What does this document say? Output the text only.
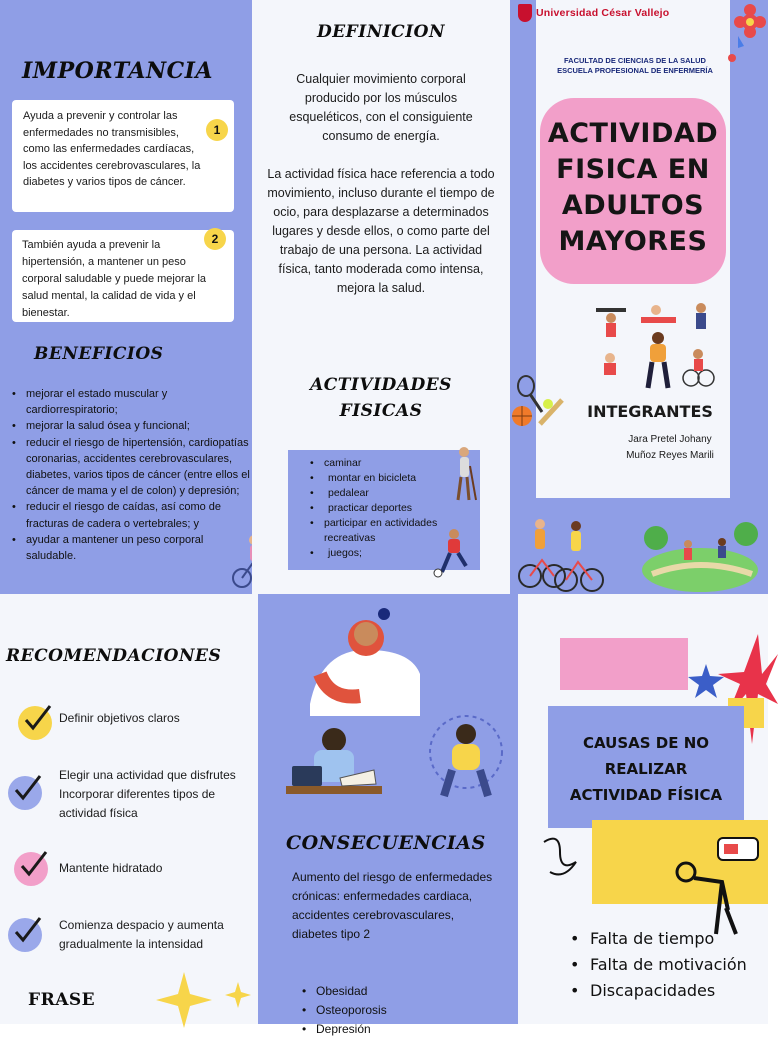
IMPORTANCIA

Ayuda a prevenir y controlar las enfermedades no transmisibles, como las enfermedades cardíacas, los accidentes cerebrovasculares, la diabetes y varios tipos de cáncer.

1

También ayuda a prevenir la hipertensión, a mantener un peso corporal saludable y puede mejorar la salud mental, la calidad de vida y el bienestar.

2
BENEFICIOS
• mejorar el estado muscular y cardiorrespiratorio;
• mejorar la salud ósea y funcional;
• reducir el riesgo de hipertensión, cardiopatías coronarias, accidentes cerebrovasculares, diabetes, varios tipos de cáncer (entre ellos el cáncer de mama y el de colon) y depresión;
• reducir el riesgo de caídas, así como de fracturas de cadera o vertebrales; y
• ayudar a mantener un peso corporal saludable.
DEFINICION

Cualquier movimiento corporal producido por los músculos esqueléticos, con el consiguiente consumo de energía.

La actividad física hace referencia a todo movimiento, incluso durante el tiempo de ocio, para desplazarse a determinados lugares y desde ellos, o como parte del trabajo de una persona. La actividad física, tanto moderada como intensa, mejora la salud.

ACTIVIDADES
FISICAS
• caminar
• montar en bicicleta
• pedalear
• practicar deportes
• participar en actividades recreativas
• juegos;
Universidad César Vallejo

FACULTAD DE CIENCIAS DE LA SALUD

ESCUELA PROFESIONAL DE ENFERMERÍA

ACTIVIDAD
FISICA EN
ADULTOS
MAYORES
INTEGRANTES

Jara Pretel Johany

Muñoz Reyes Marili

RECOMENDACIONES

Definir objetivos claros

Elegir una actividad que disfrutes
Incorporar diferentes tipos de actividad física

Mantente hidratado

Comienza despacio y aumenta gradualmente la intensidad

FRASE
CONSECUENCIAS

Aumento del riesgo de enfermedades crónicas: enfermedades cardiaca, accidentes cerebrovasculares, diabetes tipo 2

• Obesidad
• Osteoporosis
• Depresión
CAUSAS DE NO
REALIZAR
ACTIVIDAD FÍSICA
• Falta de tiempo
• Falta de motivación
• Discapacidades
